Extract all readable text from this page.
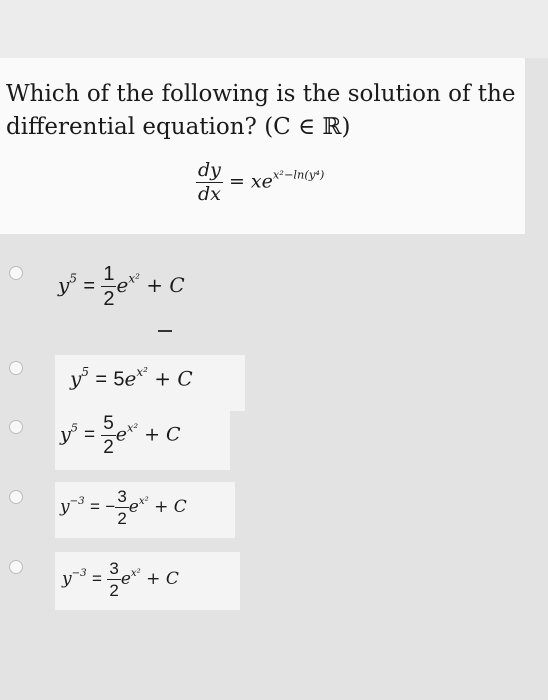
Which of the following is the solution of the
differential equation? (C ∈ ℝ)
$\frac{dy}{dx} = xe^{x^2-ln(y^4)}$
$y^5 = \frac{1}{2} e^{x^2} + C$
$y^5 = 5e^{x^2} + C$
$y^5 = \frac{5}{2} e^{x^2} + C$
$y^{-3}$ = − $\frac{3}{2} e^{x^2} + C$
$y^{-3} = \frac{3}{2} e^{x^2} + C$
